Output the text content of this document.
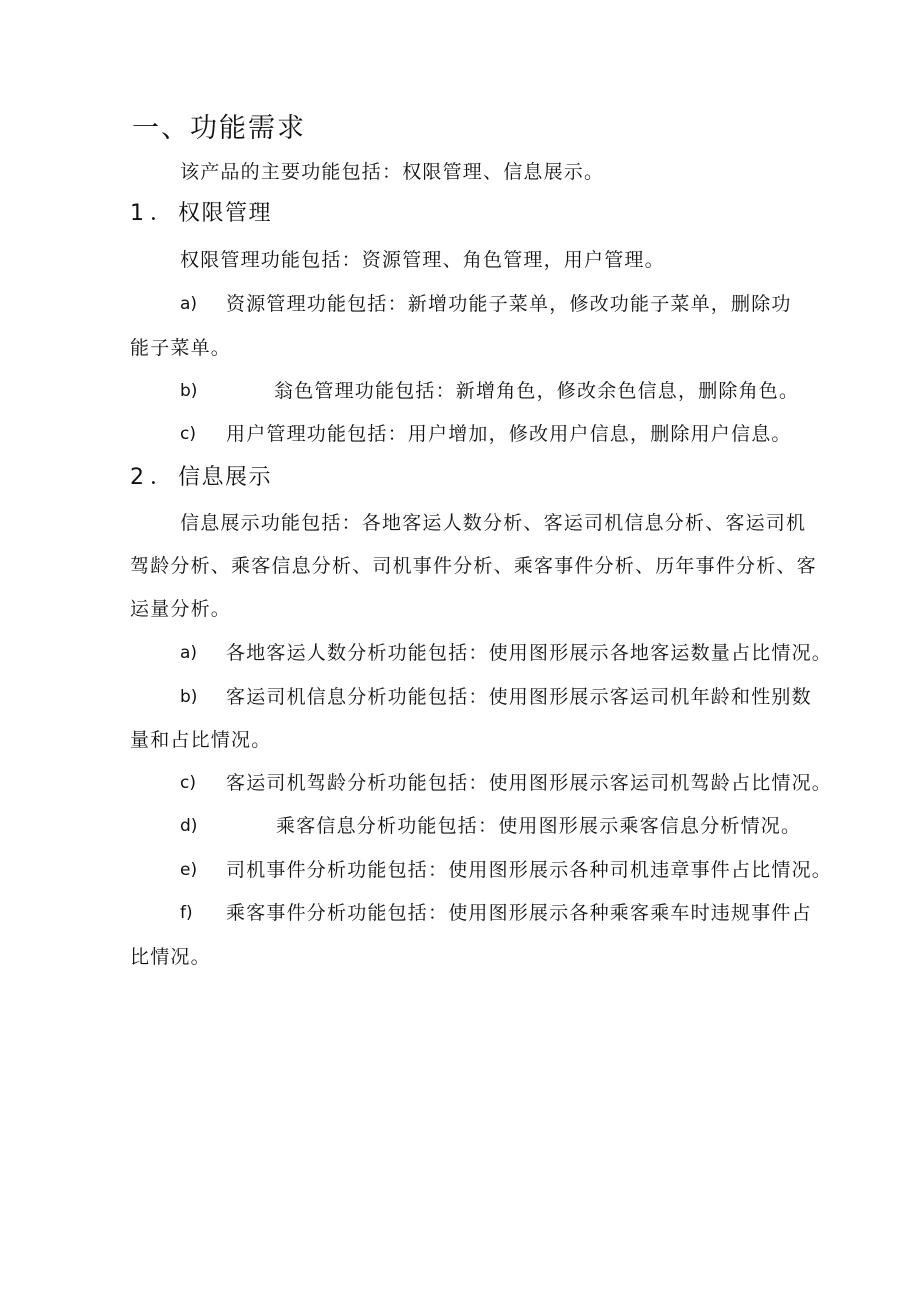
一、功能需求
该产品的主要功能包括：权限管理、信息展示。
1．权限管理
权限管理功能包括：资源管理、角色管理，用户管理。
a) 资源管理功能包括：新增功能子菜单，修改功能子菜单，删除功
能子菜单。
b)	翁色管理功能包括：新增角色，修改余色信息，删除角色。
c) 用户管理功能包括：用户增加，修改用户信息，删除用户信息。
2．信息展示
信息展示功能包括：各地客运人数分析、客运司机信息分析、客运司机
驾龄分析、乘客信息分析、司机事件分析、乘客事件分析、历年事件分析、客
运量分析。
a) 各地客运人数分析功能包括：使用图形展示各地客运数量占比情况。
b) 客运司机信息分析功能包括：使用图形展示客运司机年龄和性别数
量和占比情况。
c) 客运司机驾龄分析功能包括：使用图形展示客运司机驾龄占比情况。
d)	乘客信息分析功能包括：使用图形展示乘客信息分析情况。
e) 司机事件分析功能包括：使用图形展示各种司机违章事件占比情况。
f) 乘客事件分析功能包括：使用图形展示各种乘客乘车时违规事件占
比情况。
